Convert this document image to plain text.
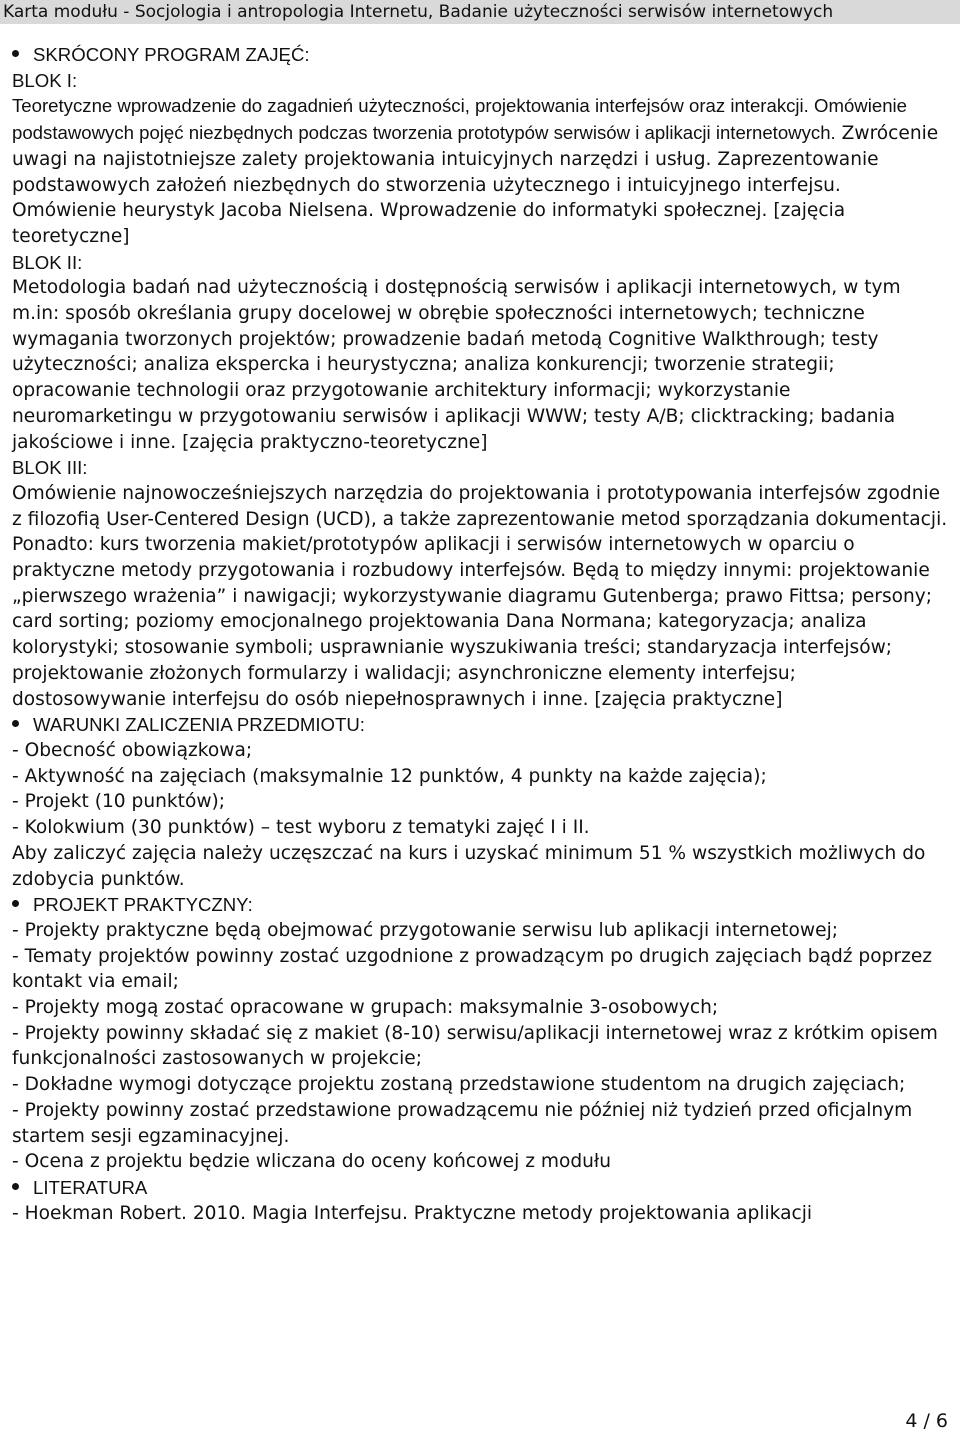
Karta modułu - Socjologia i antropologia Internetu, Badanie użyteczności serwisów internetowych
SKRÓCONY PROGRAM ZAJĘĆ:

BLOK I:

Teoretyczne wprowadzenie do zagadnień użyteczności, projektowania interfejsów oraz interakcji. Omówienie podstawowych pojęć niezbędnych podczas tworzenia prototypów serwisów i aplikacji internetowych. Zwrócenie uwagi na najistotniejsze zalety projektowania intuicyjnych narzędzi i usług. Zaprezentowanie podstawowych założeń niezbędnych do stworzenia użytecznego i intuicyjnego interfejsu. Omówienie heurystyk Jacoba Nielsena. Wprowadzenie do informatyki społecznej. [zajęcia teoretyczne]

BLOK II:

Metodologia badań nad użytecznością i dostępnością serwisów i aplikacji internetowych, w tym m.in: sposób określania grupy docelowej w obrębie społeczności internetowych; techniczne wymagania tworzonych projektów; prowadzenie badań metodą Cognitive Walkthrough; testy użyteczności; analiza ekspercka i heurystyczna; analiza konkurencji; tworzenie strategii; opracowanie technologii oraz przygotowanie architektury informacji; wykorzystanie neuromarketingu w przygotowaniu serwisów i aplikacji WWW; testy A/B; clicktracking; badania jakościowe i inne. [zajęcia praktyczno-teoretyczne]

BLOK III:

Omówienie najnowocześniejszych narzędzia do projektowania i prototypowania interfejsów zgodnie z filozofią User-Centered Design (UCD), a także zaprezentowanie metod sporządzania dokumentacji. Ponadto: kurs tworzenia makiet/prototypów aplikacji i serwisów internetowych w oparciu o praktyczne metody przygotowania i rozbudowy interfejsów. Będą to między innymi: projektowanie „pierwszego wrażenia” i nawigacji; wykorzystywanie diagramu Gutenberga; prawo Fittsa; persony; card sorting; poziomy emocjonalnego projektowania Dana Normana; kategoryzacja; analiza kolorystyki; stosowanie symboli; usprawnianie wyszukiwania treści; standaryzacja interfejsów; projektowanie złożonych formularzy i walidacji; asynchroniczne elementy interfejsu; dostosowywanie interfejsu do osób niepełnosprawnych i inne. [zajęcia praktyczne]

WARUNKI ZALICZENIA PRZEDMIOTU:

- Obecność obowiązkowa;

- Aktywność na zajęciach (maksymalnie 12 punktów, 4 punkty na każde zajęcia);

- Projekt (10 punktów);

- Kolokwium (30 punktów) – test wyboru z tematyki zajęć I i II.

Aby zaliczyć zajęcia należy uczęszczać na kurs i uzyskać minimum 51 % wszystkich możliwych do zdobycia punktów.

PROJEKT PRAKTYCZNY:

- Projekty praktyczne będą obejmować przygotowanie serwisu lub aplikacji internetowej;

- Tematy projektów powinny zostać uzgodnione z prowadzącym po drugich zajęciach bądź poprzez kontakt via email;

- Projekty mogą zostać opracowane w grupach: maksymalnie 3-osobowych;

- Projekty powinny składać się z makiet (8-10) serwisu/aplikacji internetowej wraz z krótkim opisem funkcjonalności zastosowanych w projekcie;

- Dokładne wymogi dotyczące projektu zostaną przedstawione studentom na drugich zajęciach;

- Projekty powinny zostać przedstawione prowadzącemu nie później niż tydzień przed oficjalnym startem sesji egzaminacyjnej.

- Ocena z projektu będzie wliczana do oceny końcowej z modułu

LITERATURA

- Hoekman Robert. 2010. Magia Interfejsu. Praktyczne metody projektowania aplikacji

4 / 6
